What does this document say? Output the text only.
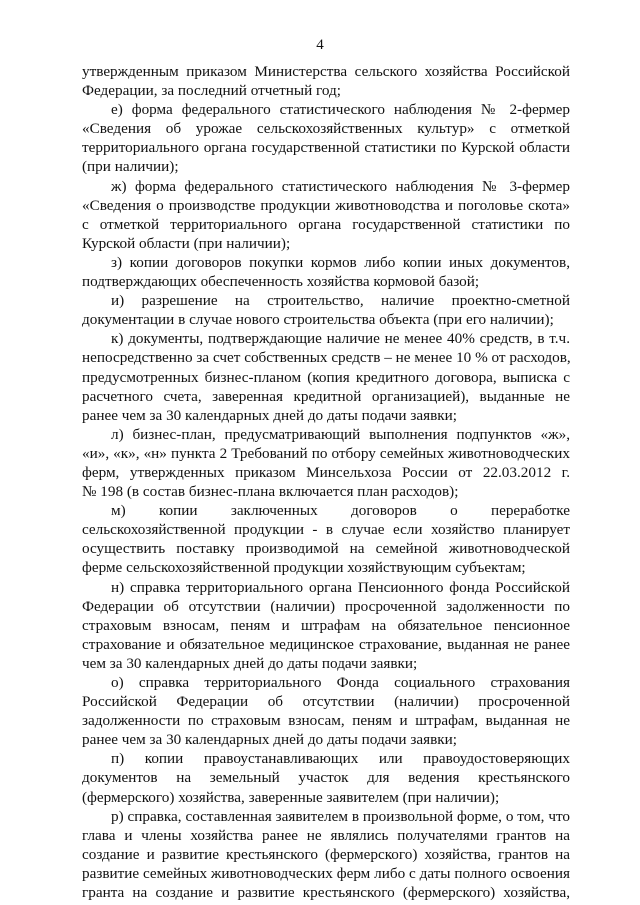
4

утвержденным приказом Министерства сельского хозяйства Российской
Федерации, за последний отчетный год;

е) форма федерального статистического наблюдения № 2-фермер
«Сведения об урожае сельскохозяйственных культур» с отметкой
территориального органа государственной статистики по Курской области
(при наличии);

ж) форма федерального статистического наблюдения № 3-фермер
«Сведения о производстве продукции животноводства и поголовье скота»
с отметкой территориального органа государственной статистики по
Курской области (при наличии);

з) копии договоров покупки кормов либо копии иных документов,
подтверждающих обеспеченность хозяйства кормовой базой;

и) разрешение на строительство, наличие проектно-сметной
документации в случае нового строительства объекта (при его наличии);

к) документы, подтверждающие наличие не менее 40% средств, в т.ч.
непосредственно за счет собственных средств – не менее 10 % от расходов,
предусмотренных бизнес-планом (копия кредитного договора, выписка с
расчетного счета, заверенная кредитной организацией), выданные не
ранее чем за 30 календарных дней до даты подачи заявки;

л) бизнес-план, предусматривающий выполнения подпунктов «ж»,
«и», «к», «н» пункта 2 Требований по отбору семейных животноводческих
ферм, утвержденных приказом Минсельхоза России от 22.03.2012 г.
№ 198 (в состав бизнес-плана включается план расходов);

м) копии заключенных договоров о переработке
сельскохозяйственной продукции - в случае если хозяйство планирует
осуществить поставку производимой на семейной животноводческой
ферме сельскохозяйственной продукции хозяйствующим субъектам;

н) справка территориального органа Пенсионного фонда Российской
Федерации об отсутствии (наличии) просроченной задолженности по
страховым взносам, пеням и штрафам на обязательное пенсионное
страхование и обязательное медицинское страхование, выданная не ранее
чем за 30 календарных дней до даты подачи заявки;

о) справка территориального Фонда социального страхования
Российской Федерации об отсутствии (наличии) просроченной
задолженности по страховым взносам, пеням и штрафам, выданная не
ранее чем за 30 календарных дней до даты подачи заявки;

п) копии правоустанавливающих или правоудостоверяющих
документов на земельный участок для ведения крестьянского
(фермерского) хозяйства, заверенные заявителем (при наличии);

р) справка, составленная заявителем в произвольной форме, о том, что
глава и члены хозяйства ранее не являлись получателями грантов на
создание и развитие крестьянского (фермерского) хозяйства, грантов на
развитие семейных животноводческих ферм либо с даты полного освоения
гранта на создание и развитие крестьянского (фермерского) хозяйства,
